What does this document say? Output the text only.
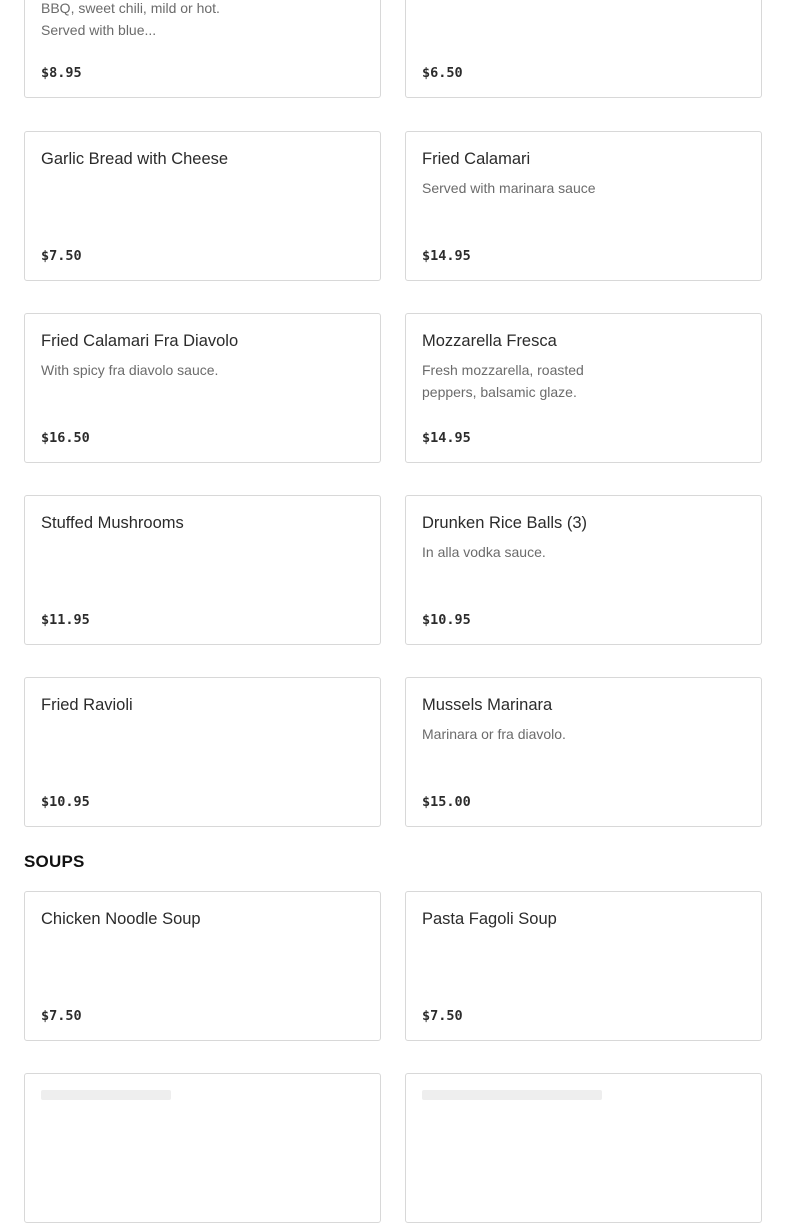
BBQ, sweet chili, mild or hot. Served with blue...
$8.95	$6.50
Garlic Bread with Cheese
$7.50
Fried Calamari
Served with marinara sauce
$14.95
Fried Calamari Fra Diavolo
With spicy fra diavolo sauce.
$16.50
Mozzarella Fresca
Fresh mozzarella, roasted peppers, balsamic glaze.
$14.95
Stuffed Mushrooms
$11.95
Drunken Rice Balls (3)
In alla vodka sauce.
$10.95
Fried Ravioli
$10.95
Mussels Marinara
Marinara or fra diavolo.
$15.00
SOUPS
Chicken Noodle Soup
$7.50
Pasta Fagoli Soup
$7.50
